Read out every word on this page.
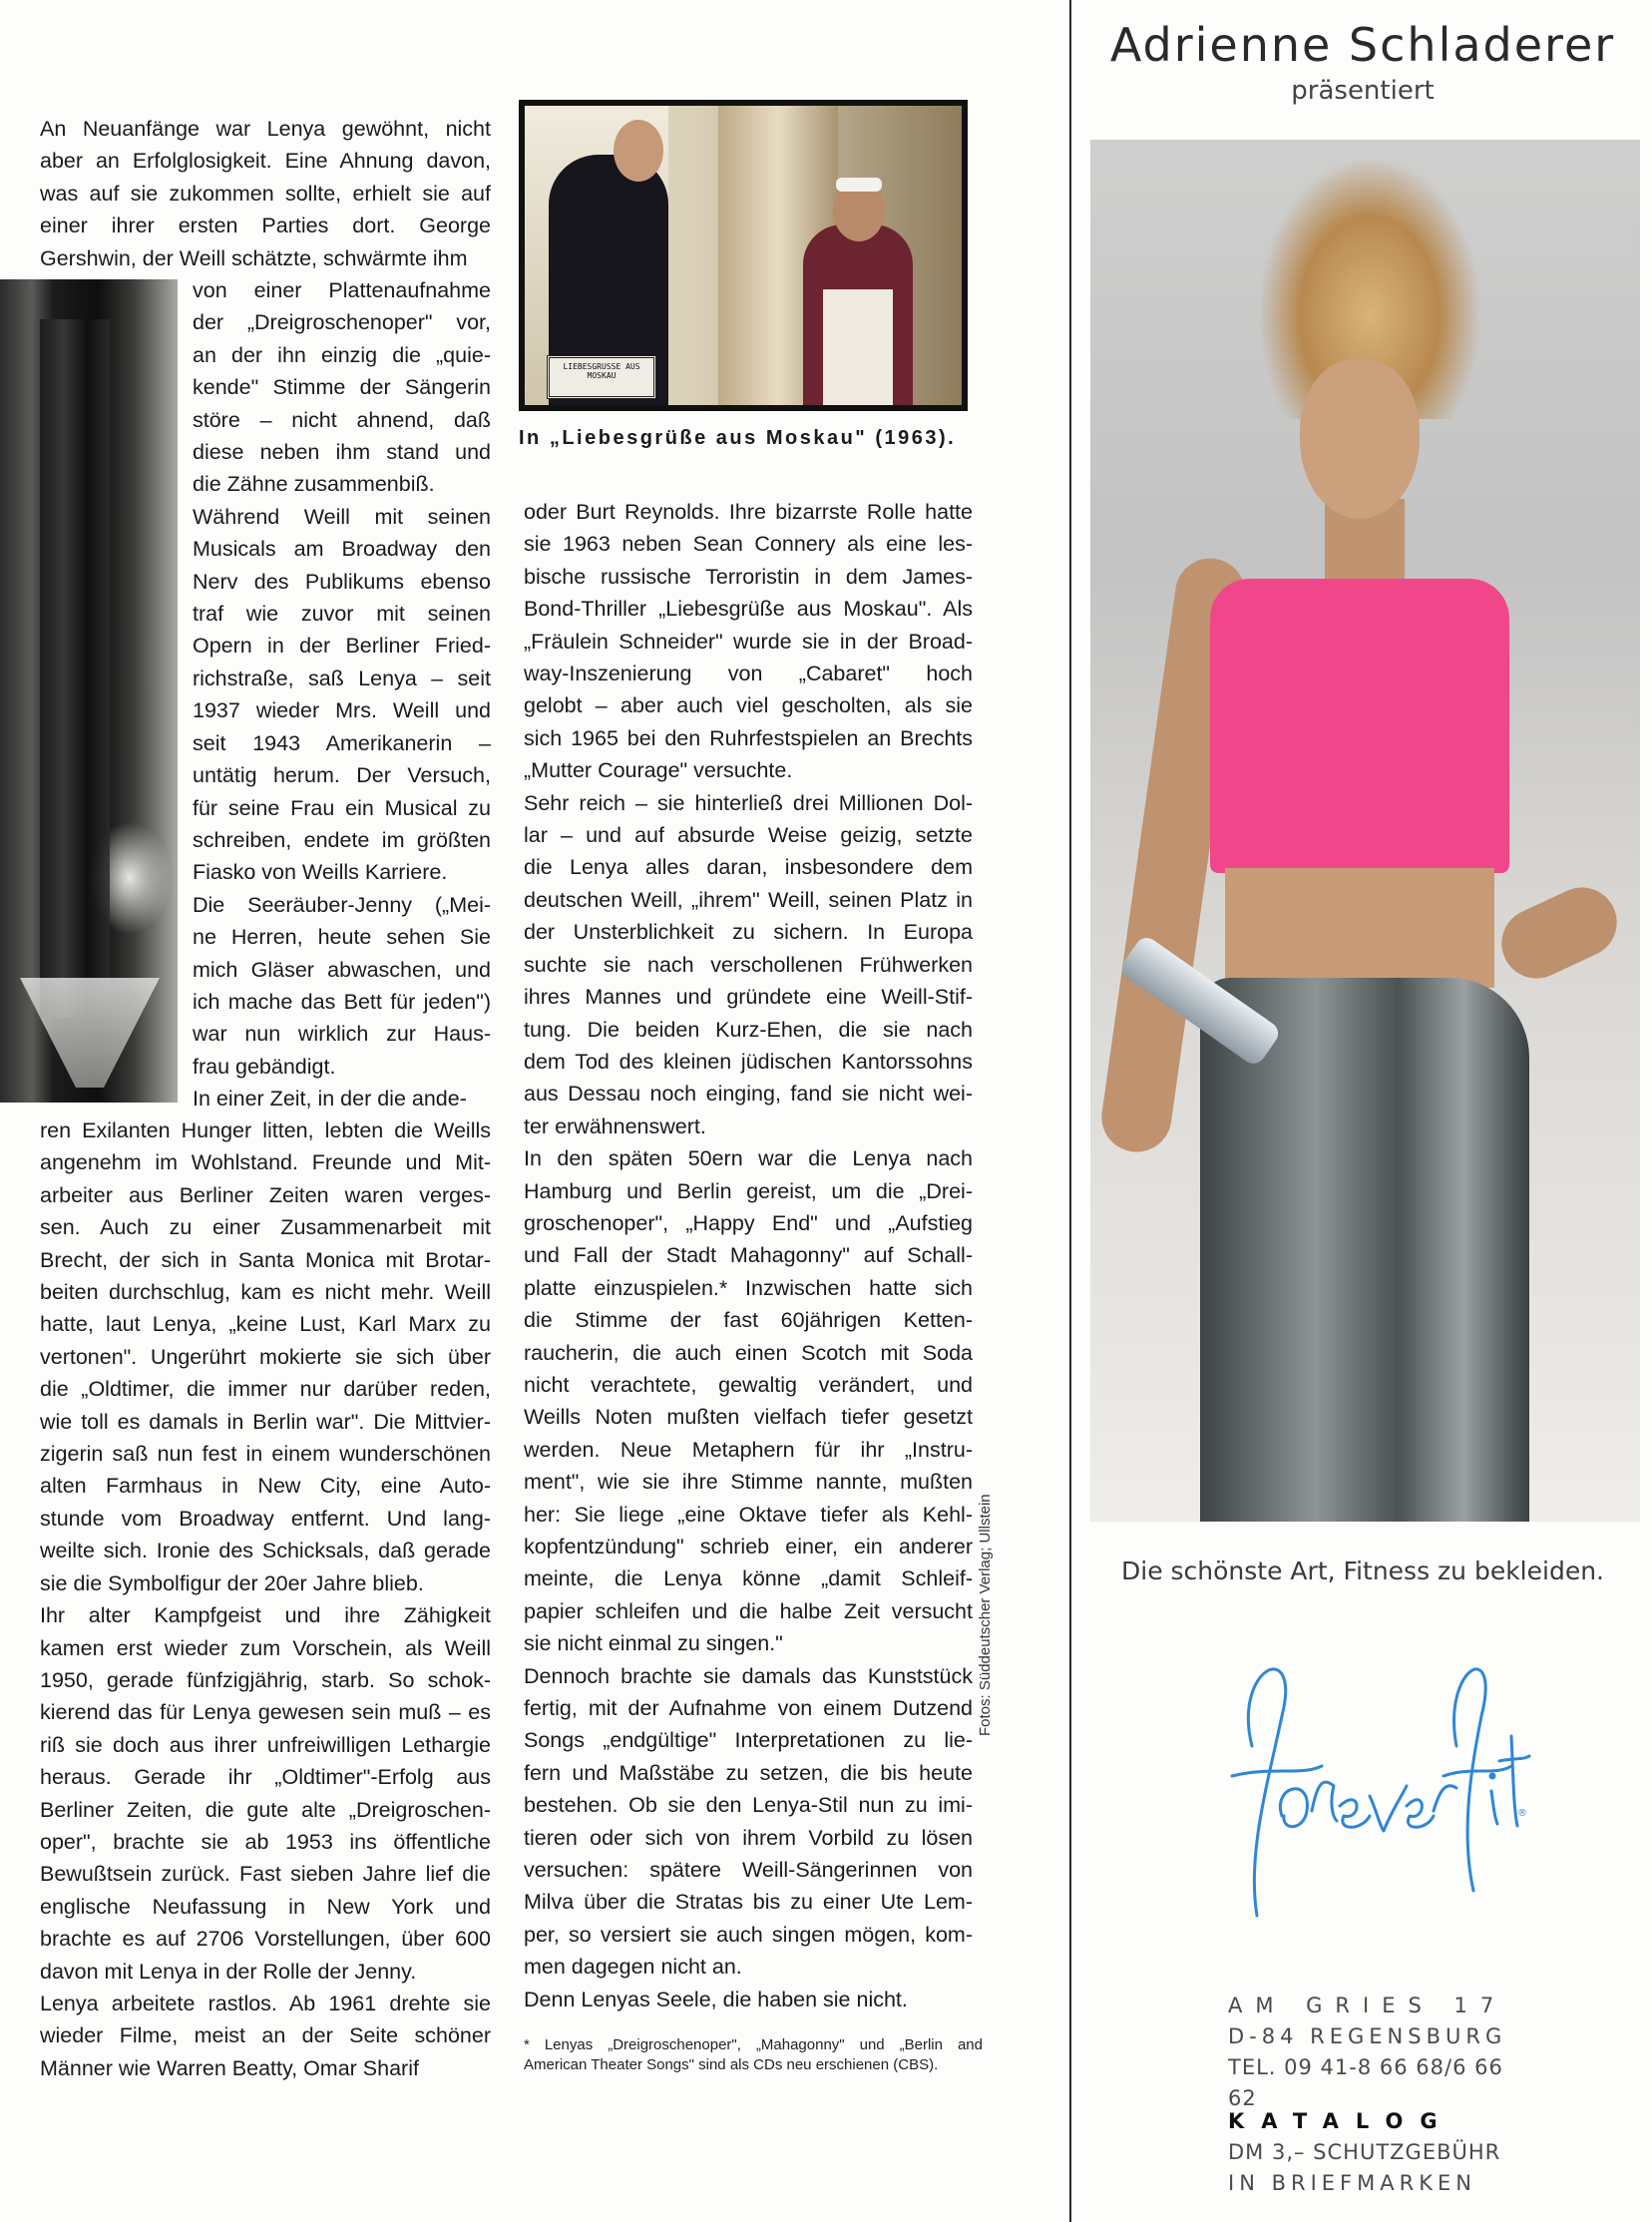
An Neuanfänge war Lenya gewöhnt, nicht
aber an Erfolglosigkeit. Eine Ahnung davon,
was auf sie zukommen sollte, erhielt sie auf
einer ihrer ersten Parties dort. George
Gershwin, der Weill schätzte, schwärmte ihm
von einer Plattenaufnahme
der „Dreigroschenoper" vor,
an der ihn einzig die „quie-
kende" Stimme der Sängerin
störe – nicht ahnend, daß
diese neben ihm stand und
die Zähne zusammenbiß.
Während Weill mit seinen
Musicals am Broadway den
Nerv des Publikums ebenso
traf wie zuvor mit seinen
Opern in der Berliner Fried-
richstraße, saß Lenya – seit
1937 wieder Mrs. Weill und
seit 1943 Amerikanerin –
untätig herum. Der Versuch,
für seine Frau ein Musical zu
schreiben, endete im größten
Fiasko von Weills Karriere.
Die Seeräuber-Jenny („Mei-
ne Herren, heute sehen Sie
mich Gläser abwaschen, und
ich mache das Bett für jeden")
war nun wirklich zur Haus-
frau gebändigt.
In einer Zeit, in der die ande-
ren Exilanten Hunger litten, lebten die Weills
angenehm im Wohlstand. Freunde und Mit-
arbeiter aus Berliner Zeiten waren verges-
sen. Auch zu einer Zusammenarbeit mit
Brecht, der sich in Santa Monica mit Brotar-
beiten durchschlug, kam es nicht mehr. Weill
hatte, laut Lenya, „keine Lust, Karl Marx zu
vertonen". Ungerührt mokierte sie sich über
die „Oldtimer, die immer nur darüber reden,
wie toll es damals in Berlin war". Die Mittvier-
zigerin saß nun fest in einem wunderschönen
alten Farmhaus in New City, eine Auto-
stunde vom Broadway entfernt. Und lang-
weilte sich. Ironie des Schicksals, daß gerade
sie die Symbolfigur der 20er Jahre blieb.
Ihr alter Kampfgeist und ihre Zähigkeit
kamen erst wieder zum Vorschein, als Weill
1950, gerade fünfzigjährig, starb. So schok-
kierend das für Lenya gewesen sein muß – es
riß sie doch aus ihrer unfreiwilligen Lethargie
heraus. Gerade ihr „Oldtimer"-Erfolg aus
Berliner Zeiten, die gute alte „Dreigroschen-
oper", brachte sie ab 1953 ins öffentliche
Bewußtsein zurück. Fast sieben Jahre lief die
englische Neufassung in New York und
brachte es auf 2706 Vorstellungen, über 600
davon mit Lenya in der Rolle der Jenny.
Lenya arbeitete rastlos. Ab 1961 drehte sie
wieder Filme, meist an der Seite schöner
Männer wie Warren Beatty, Omar Sharif
LIEBESGRUSSE AUS MOSKAU
In „Liebesgrüße aus Moskau" (1963).
oder Burt Reynolds. Ihre bizarrste Rolle hatte
sie 1963 neben Sean Connery als eine les-
bische russische Terroristin in dem James-
Bond-Thriller „Liebesgrüße aus Moskau". Als
„Fräulein Schneider" wurde sie in der Broad-
way-Inszenierung von „Cabaret" hoch
gelobt – aber auch viel gescholten, als sie
sich 1965 bei den Ruhrfestspielen an Brechts
„Mutter Courage" versuchte.
Sehr reich – sie hinterließ drei Millionen Dol-
lar – und auf absurde Weise geizig, setzte
die Lenya alles daran, insbesondere dem
deutschen Weill, „ihrem" Weill, seinen Platz in
der Unsterblichkeit zu sichern. In Europa
suchte sie nach verschollenen Frühwerken
ihres Mannes und gründete eine Weill-Stif-
tung. Die beiden Kurz-Ehen, die sie nach
dem Tod des kleinen jüdischen Kantorssohns
aus Dessau noch einging, fand sie nicht wei-
ter erwähnenswert.
In den späten 50ern war die Lenya nach
Hamburg und Berlin gereist, um die „Drei-
groschenoper", „Happy End" und „Aufstieg
und Fall der Stadt Mahagonny" auf Schall-
platte einzuspielen.* Inzwischen hatte sich
die Stimme der fast 60jährigen Ketten-
raucherin, die auch einen Scotch mit Soda
nicht verachtete, gewaltig verändert, und
Weills Noten mußten vielfach tiefer gesetzt
werden. Neue Metaphern für ihr „Instru-
ment", wie sie ihre Stimme nannte, mußten
her: Sie liege „eine Oktave tiefer als Kehl-
kopfentzündung" schrieb einer, ein anderer
meinte, die Lenya könne „damit Schleif-
papier schleifen und die halbe Zeit versucht
sie nicht einmal zu singen."
Dennoch brachte sie damals das Kunststück
fertig, mit der Aufnahme von einem Dutzend
Songs „endgültige" Interpretationen zu lie-
fern und Maßstäbe zu setzen, die bis heute
bestehen. Ob sie den Lenya-Stil nun zu imi-
tieren oder sich von ihrem Vorbild zu lösen
versuchen: spätere Weill-Sängerinnen von
Milva über die Stratas bis zu einer Ute Lem-
per, so versiert sie auch singen mögen, kom-
men dagegen nicht an.
Denn Lenyas Seele, die haben sie nicht.
* Lenyas „Dreigroschenoper", „Mahagonny" und „Berlin and American Theater Songs" sind als CDs neu erschienen (CBS).
Fotos: Süddeutscher Verlag; Ullstein
Adrienne Schladerer
präsentiert
Die schönste Art, Fitness zu bekleiden.
®
AM GRIES 17
D-84 REGENSBURG
TEL. 09 41-8 66 68/6 66 62
KATALOG
DM 3,– SCHUTZGEBÜHR
IN BRIEFMARKEN
